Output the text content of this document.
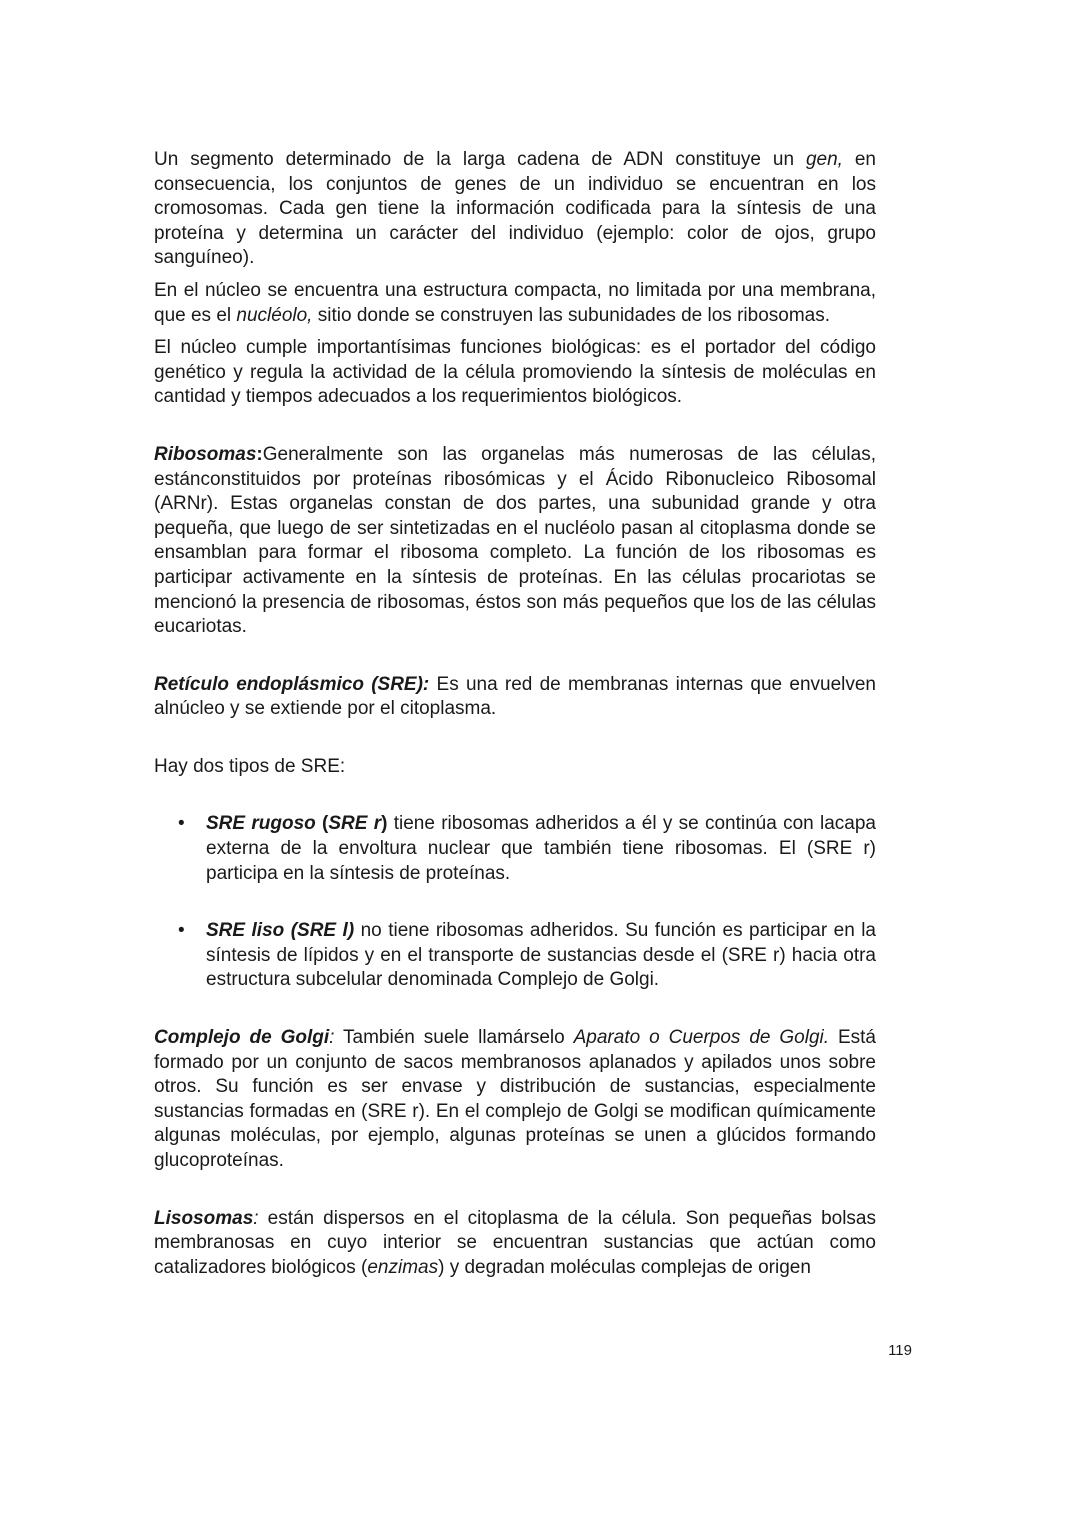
Un segmento determinado de la larga cadena de ADN constituye un gen, en consecuencia, los conjuntos de genes de un individuo se encuentran en los cromosomas. Cada gen tiene la información codificada para la síntesis de una proteína y determina un carácter del individuo (ejemplo: color de ojos, grupo sanguíneo).

En el núcleo se encuentra una estructura compacta, no limitada por una membrana, que es el nucléolo, sitio donde se construyen las subunidades de los ribosomas.

El núcleo cumple importantísimas funciones biológicas: es el portador del código genético y regula la actividad de la célula promoviendo la síntesis de moléculas en cantidad y tiempos adecuados a los requerimientos biológicos.

Ribosomas:Generalmente son las organelas más numerosas de las células, estánconstituidos por proteínas ribosómicas y el Ácido Ribonucleico Ribosomal (ARNr). Estas organelas constan de dos partes, una subunidad grande y otra pequeña, que luego de ser sintetizadas en el nucléolo pasan al citoplasma donde se ensamblan para formar el ribosoma completo. La función de los ribosomas es participar activamente en la síntesis de proteínas. En las células procariotas se mencionó la presencia de ribosomas, éstos son más pequeños que los de las células eucariotas.

Retículo endoplásmico (SRE): Es una red de membranas internas que envuelven alnúcleo y se extiende por el citoplasma.

Hay dos tipos de SRE:

• SRE rugoso (SRE r) tiene ribosomas adheridos a él y se continúa con lacapa externa de la envoltura nuclear que también tiene ribosomas. El (SRE r) participa en la síntesis de proteínas.
• SRE liso (SRE l) no tiene ribosomas adheridos. Su función es participar en la síntesis de lípidos y en el transporte de sustancias desde el (SRE r) hacia otra estructura subcelular denominada Complejo de Golgi.

Complejo de Golgi: También suele llamárselo Aparato o Cuerpos de Golgi. Está formado por un conjunto de sacos membranosos aplanados y apilados unos sobre otros. Su función es ser envase y distribución de sustancias, especialmente sustancias formadas en (SRE r). En el complejo de Golgi se modifican químicamente algunas moléculas, por ejemplo, algunas proteínas se unen a glúcidos formando glucoproteínas.

Lisosomas: están dispersos en el citoplasma de la célula. Son pequeñas bolsas membranosas en cuyo interior se encuentran sustancias que actúan como catalizadores biológicos (enzimas) y degradan moléculas complejas de origen

119
